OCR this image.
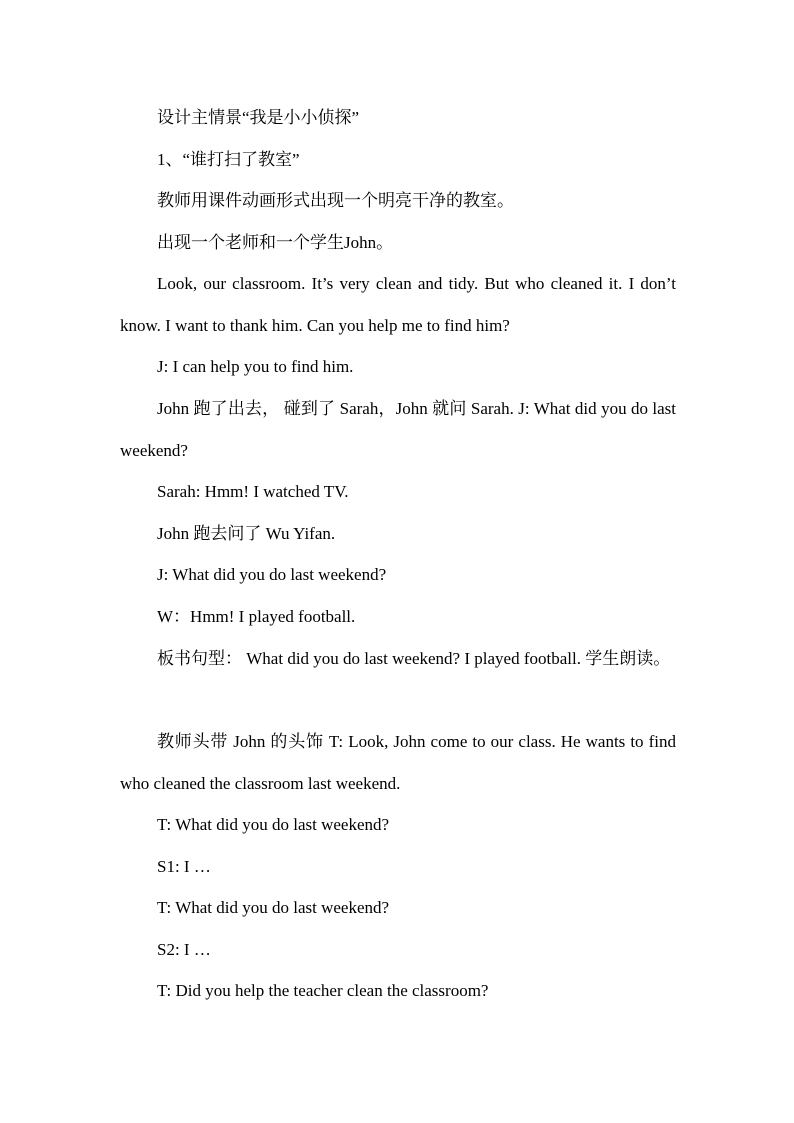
设计主情景“我是小小侦探”
1、“谁打扫了教室”
教师用课件动画形式出现一个明亮干净的教室。
出现一个老师和一个学生John。
Look, our classroom. It’s very clean and tidy. But who cleaned it. I don’t know. I want to thank him. Can you help me to find him?
J: I can help you to find him.
John 跑了出去， 碰到了 Sarah，John 就问 Sarah. J: What did you do last weekend?
Sarah: Hmm! I watched TV.
John 跑去问了 Wu Yifan.
J: What did you do last weekend?
W：Hmm! I played football.
板书句型： What did you do last weekend? I played football. 学生朗读。
教师头带 John 的头饰 T: Look, John come to our class. He wants to find who cleaned the classroom last weekend.
T: What did you do last weekend?
S1: I …
T: What did you do last weekend?
S2: I …
T: Did you help the teacher clean the classroom?
